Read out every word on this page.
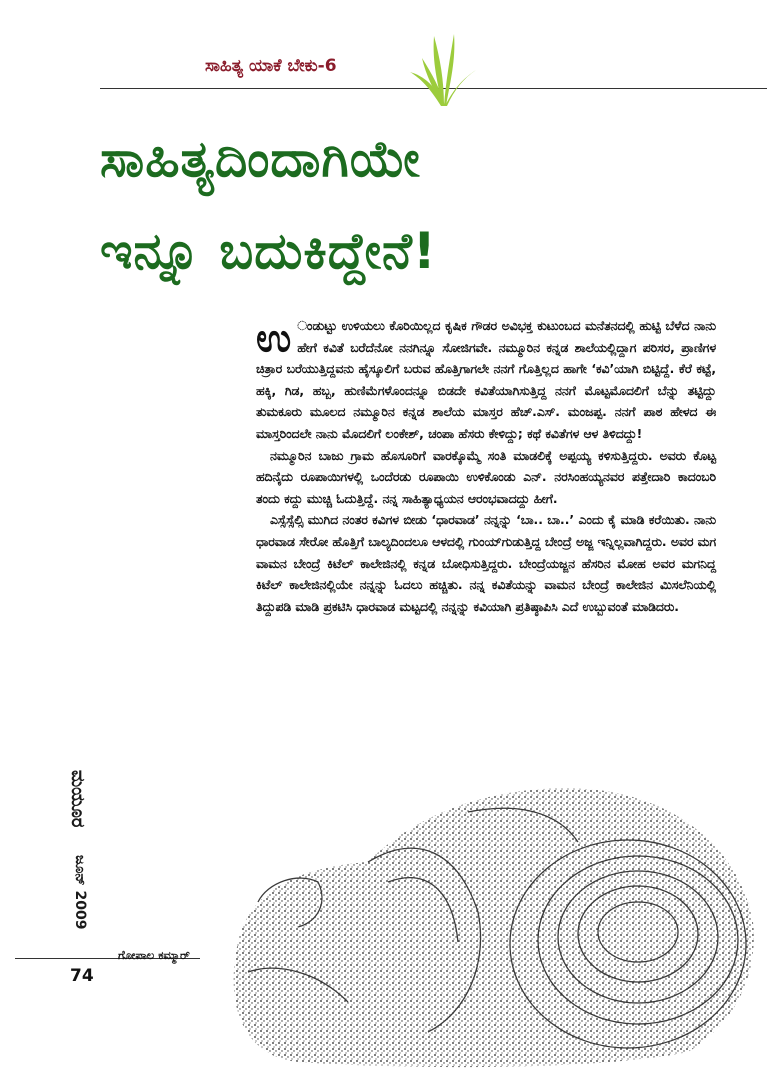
ಸಾಹಿತ್ಯ ಯಾಕೆ ಬೇಕು-6
ಸಾಹಿತ್ಯದಿಂದಾಗಿಯೇ
ಇನ್ನೂ ಬದುಕಿದ್ದೇನೆ!

ಉ ಂಡುಟ್ಟು ಉಳಿಯಲು ಕೊರಿಯಿಲ್ಲದ ಕೃಷಿಕ ಗೌಡರ ಅವಿಭಕ್ತ ಕುಟುಂಬದ ಮನೆತನದಲ್ಲಿ ಹುಟ್ಟಿ ಬೆಳೆದ ನಾನು ಹೇಗೆ ಕವಿತೆ ಬರೆದೆನೋ ನನಗಿನ್ನೂ ಸೋಜಿಗವೇ. ನಮ್ಮೂರಿನ ಕನ್ನಡ ಶಾಲೆಯಲ್ಲಿದ್ದಾಗ ಪರಿಸರ, ಪ್ರಾಣಿಗಳ ಚಿತ್ರಾರ ಬರೆಯುತ್ತಿದ್ದವನು ಹೈಸ್ಕೂಲಿಗೆ ಬರುವ ಹೊತ್ತಿಗಾಗಲೇ ನನಗೆ ಗೊತ್ತಿಲ್ಲದ ಹಾಗೇ ‘ಕವಿ’ಯಾಗಿ ಬಿಟ್ಟಿದ್ದೆ. ಕೆರೆ ಕಟ್ಟೆ, ಹಕ್ಕಿ, ಗಿಡ, ಹಬ್ಬ, ಹುಣಿಮೆಗಳೊಂದನ್ನೂ ಬಿಡದೇ ಕವಿತೆಯಾಗಿಸುತ್ತಿದ್ದ ನನಗೆ ಮೊಟ್ಟಮೊದಲಿಗೆ ಬೆನ್ನು ತಟ್ಟಿದ್ದು ತುಮಕೂರು ಮೂಲದ ನಮ್ಮೂರಿನ ಕನ್ನಡ ಶಾಲೆಯ ಮಾಸ್ತರ ಹೆಚ್.ಎಸ್. ಮಂಜಪ್ಪ. ನನಗೆ ಪಾಠ ಹೇಳದ ಈ ಮಾಸ್ತರಿಂದಲೇ ನಾನು ಮೊದಲಿಗೆ ಲಂಕೇಶ್, ಚಂಪಾ ಹೆಸರು ಕೇಳಿದ್ದು; ಕಥೆ ಕವಿತೆಗಳ ಆಳ ತಿಳಿದದ್ದು!

ನಮ್ಮೂರಿನ ಬಾಜು ಗ್ರಾಮ ಹೊಸೂರಿಗೆ ವಾರಕ್ಕೊಮ್ಮೆ ಸಂತಿ ಮಾಡಲಿಕ್ಕೆ ಅಪ್ಪಯ್ಯ ಕಳಿಸುತ್ತಿದ್ದರು. ಅವರು ಕೊಟ್ಟ ಹದಿನೈದು ರೂಪಾಯಿಗಳಲ್ಲಿ ಒಂದೆರಡು ರೂಪಾಯಿ ಉಳಿಕೊಂಡು ಎನ್. ನರಸಿಂಹಯ್ಯನವರ ಪತ್ತೇದಾರಿ ಕಾದಂಬರಿ ತಂದು ಕದ್ದು ಮುಚ್ಚಿ ಓದುತ್ತಿದ್ದೆ. ನನ್ನ ಸಾಹಿತ್ಯಾಧ್ಯಯನ ಆರಂಭವಾದದ್ದು ಹೀಗೆ.

ಎಸ್ಸೆಸ್ಸೆಲ್ಸಿ ಮುಗಿದ ನಂತರ ಕವಿಗಳ ಬೀಡು ‘ಧಾರವಾಡ’ ನನ್ನನ್ನು ‘ಬಾ.. ಬಾ..’ ಎಂದು ಕೈ ಮಾಡಿ ಕರೆಯಿತು. ನಾನು ಧಾರವಾಡ ಸೇರೋ ಹೊತ್ತಿಗೆ ಬಾಲ್ಯದಿಂದಲೂ ಆಳದಲ್ಲಿ ಗುಂಯ್‌ಗುಡುತ್ತಿದ್ದ ಬೇಂದ್ರೆ ಅಜ್ಜ ಇನ್ನಿಲ್ಲವಾಗಿದ್ದರು. ಅವರ ಮಗ ವಾಮನ ಬೇಂದ್ರೆ ಕಿಟೆಲ್ ಕಾಲೇಜಿನಲ್ಲಿ ಕನ್ನಡ ಬೋಧಿಸುತ್ತಿದ್ದರು. ಬೇಂದ್ರೆಯಜ್ಜನ ಹೆಸರಿನ ಮೋಹ ಅವರ ಮಗನಿದ್ದ ಕಿಟೆಲ್ ಕಾಲೇಜಿನಲ್ಲಿಯೇ ನನ್ನನ್ನು ಓದಲು ಹಚ್ಚಿತು. ನನ್ನ ಕವಿತೆಯನ್ನು ವಾಮನ ಬೇಂದ್ರೆ ಕಾಲೇಜಿನ ಮಿಸಲೆನಿಯಲ್ಲಿ ತಿದ್ದುಪಡಿ ಮಾಡಿ ಪ್ರಕಟಿಸಿ ಧಾರವಾಡ ಮಟ್ಟದಲ್ಲಿ ನನ್ನನ್ನು ಕವಿಯಾಗಿ ಪ್ರತಿಷ್ಠಾಪಿಸಿ ಎದೆ ಉಬ್ಬುವಂತೆ ಮಾಡಿದರು.

ಮಯೂರ
ಜೂನ್ 2009
74
ಗೋಪಾಲ ಕಮ್ಮಾರ್
